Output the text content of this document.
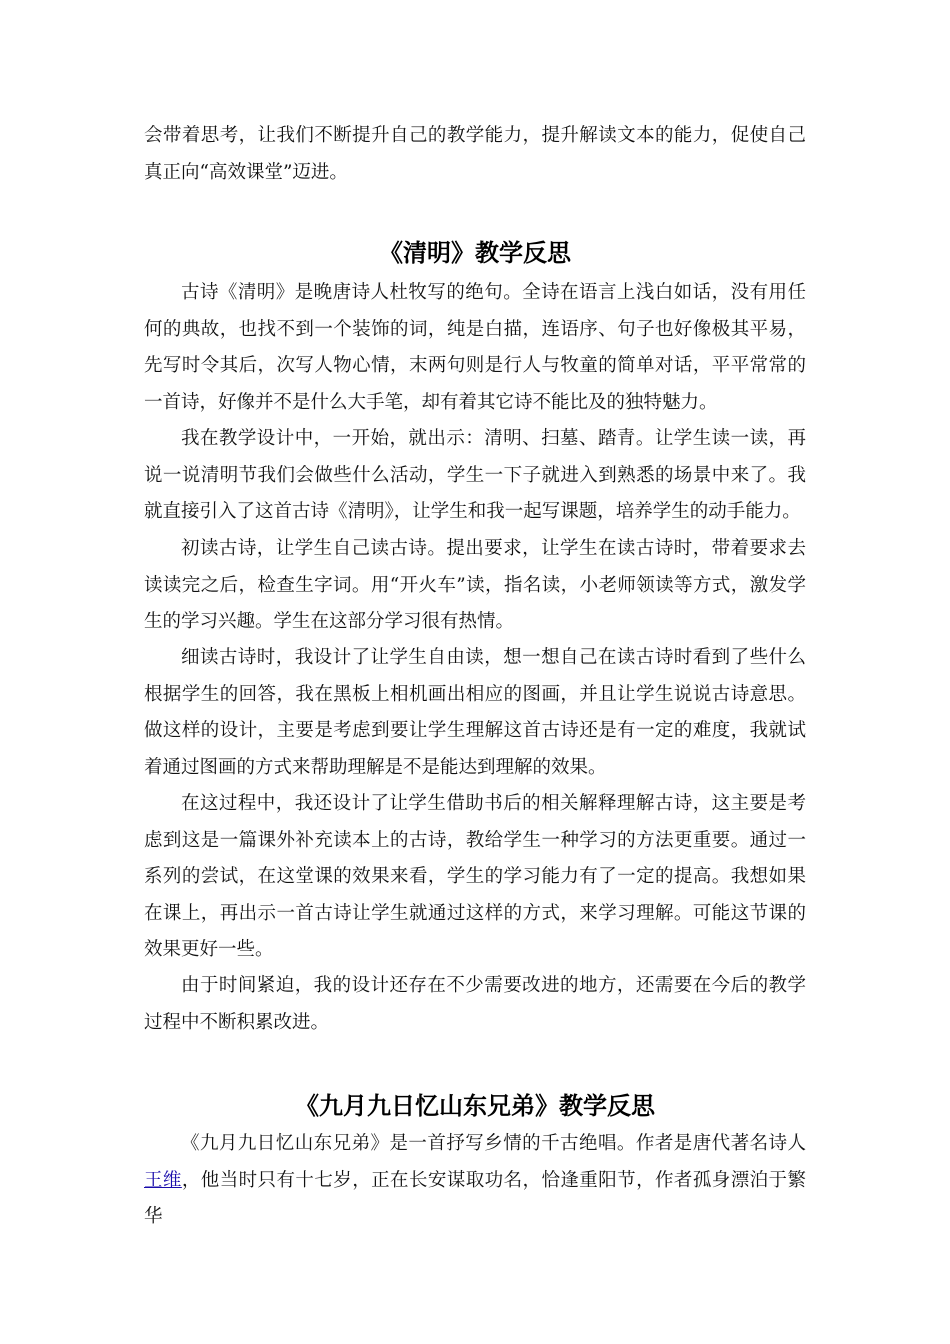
会带着思考，让我们不断提升自己的教学能力，提升解读文本的能力，促使自己真正向“高效课堂”迈进。

《清明》教学反思

古诗《清明》是晚唐诗人杜牧写的绝句。全诗在语言上浅白如话，没有用任何的典故，也找不到一个装饰的词，纯是白描，连语序、句子也好像极其平易，先写时令其后，次写人物心情，末两句则是行人与牧童的简单对话，平平常常的一首诗，好像并不是什么大手笔，却有着其它诗不能比及的独特魅力。

我在教学设计中，一开始，就出示：清明、扫墓、踏青。让学生读一读，再说一说清明节我们会做些什么活动，学生一下子就进入到熟悉的场景中来了。我就直接引入了这首古诗《清明》，让学生和我一起写课题，培养学生的动手能力。

初读古诗，让学生自己读古诗。提出要求，让学生在读古诗时，带着要求去读读完之后，检查生字词。用“开火车”读，指名读，小老师领读等方式，激发学生的学习兴趣。学生在这部分学习很有热情。

细读古诗时，我设计了让学生自由读，想一想自己在读古诗时看到了些什么根据学生的回答，我在黑板上相机画出相应的图画，并且让学生说说古诗意思。做这样的设计，主要是考虑到要让学生理解这首古诗还是有一定的难度，我就试着通过图画的方式来帮助理解是不是能达到理解的效果。

在这过程中，我还设计了让学生借助书后的相关解释理解古诗，这主要是考虑到这是一篇课外补充读本上的古诗，教给学生一种学习的方法更重要。通过一系列的尝试，在这堂课的效果来看，学生的学习能力有了一定的提高。我想如果在课上，再出示一首古诗让学生就通过这样的方式，来学习理解。可能这节课的效果更好一些。

由于时间紧迫，我的设计还存在不少需要改进的地方，还需要在今后的教学过程中不断积累改进。

《九月九日忆山东兄弟》教学反思

《九月九日忆山东兄弟》是一首抒写乡情的千古绝唱。作者是唐代著名诗人王维，他当时只有十七岁，正在长安谋取功名，恰逢重阳节，作者孤身漂泊于繁华
